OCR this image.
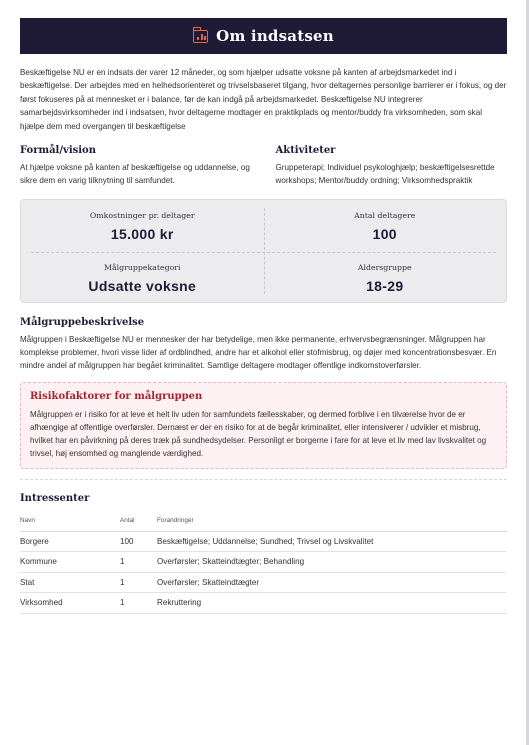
Om indsatsen

Beskæftigelse NU er en indsats der varer 12 måneder, og som hjælper udsatte voksne på kanten af arbejdsmarkedet ind i beskæftigelse. Der arbejdes med en helhedsorienteret og trivselsbaseret tilgang, hvor deltagernes personlige barrierer er i fokus, og der først fokuseres på at mennesket er i balance, før de kan indgå på arbejdsmarkedet. Beskæftigelse NU integrerer samarbejdsvirksomheder ind i indsatsen, hvor deltagerne modtager en praktikplads og mentor/buddy fra virksomheden, som skal hjælpe dem med overgangen til beskæftigelse

Formål/vision

At hjælpe voksne på kanten af beskæftigelse og uddannelse, og sikre dem en varig tilknytning til samfundet.

Aktiviteter

Gruppeterapi; Individuel psykologhjælp; beskæftigelsesrettde workshops; Mentor/buddy ordning; Virksomhedspraktik

Omkostninger pr. deltager
15.000 kr
Antal deltagere
100
Målgruppekategori
Udsatte voksne
Aldersgruppe
18-29
Målgruppebeskrivelse

Målgruppen i Beskæftigelse NU er mennesker der har betydelige, men ikke permanente, erhvervsbegrænsninger. Målgruppen har komplekse problemer, hvori visse lider af ordblindhed, andre har et alkohol eller stofmisbrug, og døjer med koncentrationsbesvær. En mindre andel af målgruppen har begået kriminalitet. Samtlige deltagere modtager offentlige indkomstoverførsler.

Risikofaktorer for målgruppen

Målgruppen er i risiko for at leve et helt liv uden for samfundets fællesskaber, og dermed forblive i en tilværelse hvor de er afhængige af offentlige overførsler. Dernæst er der en risiko for at de begår kriminalitet, eller intensiverer / udvikler et misbrug, hvilket har en påvirkning på deres træk på sundhedsydelser. Personligt er borgerne i fare for at leve et liv med lav livskvalitet og trivsel, høj ensomhed og manglende værdighed.

Intressenter
Navn	Antal	Forandringer
Borgere	100	Beskæftigelse; Uddannelse; Sundhed; Trivsel og Livskvalitet
Kommune	1	Overførsler; Skatteindtægter; Behandling
Stat	1	Overførsler; Skatteindtægter
Virksomhed	1	Rekruttering
